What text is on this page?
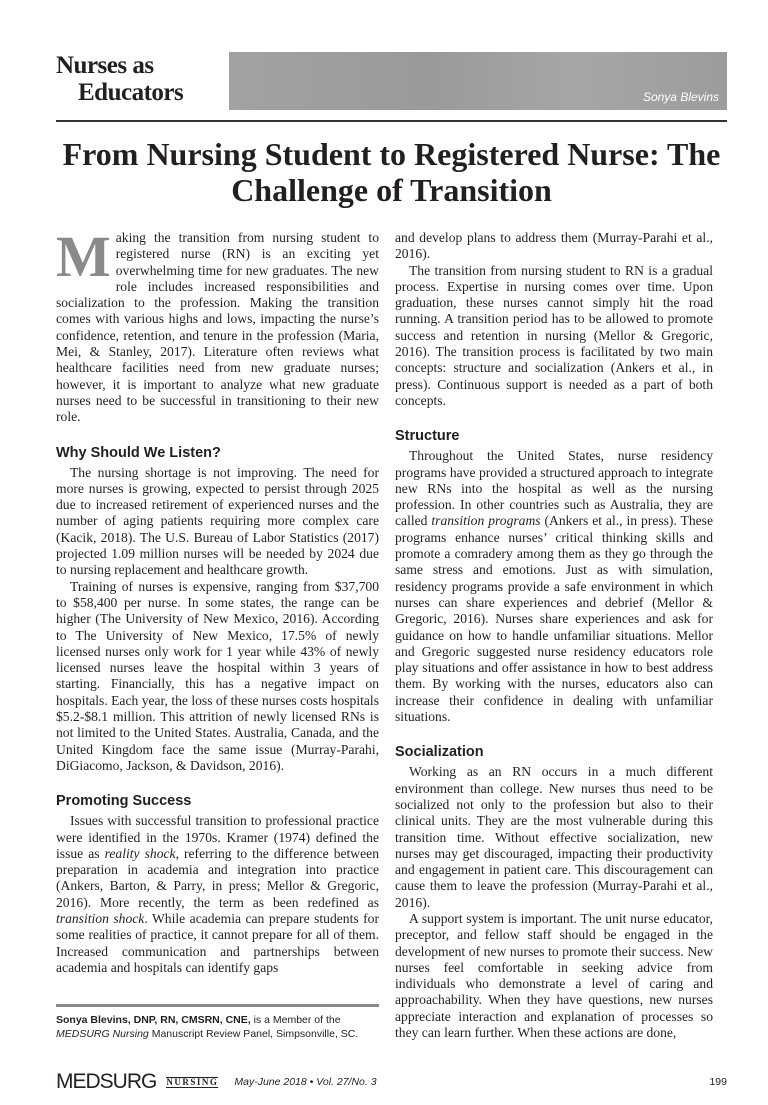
Nurses as
Educators	Sonya Blevins
From Nursing Student to Registered Nurse: The Challenge of Transition

Making the transition from nursing student to registered nurse (RN) is an exciting yet overwhelming time for new graduates. The new role includes increased responsibilities and socialization to the profession. Making the transition comes with various highs and lows, impacting the nurse’s confidence, retention, and tenure in the profession (Maria, Mei, & Stanley, 2017). Literature often reviews what healthcare facilities need from new graduate nurses; however, it is important to analyze what new graduate nurses need to be successful in transitioning to their new role.

Why Should We Listen?

The nursing shortage is not improving. The need for more nurses is growing, expected to persist through 2025 due to increased retirement of experienced nurses and the number of aging patients requiring more complex care (Kacik, 2018). The U.S. Bureau of Labor Statistics (2017) projected 1.09 million nurses will be needed by 2024 due to nursing replacement and healthcare growth.

Training of nurses is expensive, ranging from $37,700 to $58,400 per nurse. In some states, the range can be higher (The University of New Mexico, 2016). According to The University of New Mexico, 17.5% of newly licensed nurses only work for 1 year while 43% of newly licensed nurses leave the hospital within 3 years of starting. Financially, this has a negative impact on hospitals. Each year, the loss of these nurses costs hospitals $5.2-$8.1 million. This attrition of newly licensed RNs is not limited to the United States. Australia, Canada, and the United Kingdom face the same issue (Murray-Parahi, DiGiacomo, Jackson, & Davidson, 2016).

Promoting Success

Issues with successful transition to professional practice were identified in the 1970s. Kramer (1974) defined the issue as reality shock, referring to the difference between preparation in academia and integration into practice (Ankers, Barton, & Parry, in press; Mellor & Gregoric, 2016). More recently, the term as been redefined as transition shock. While academia can prepare students for some realities of practice, it cannot prepare for all of them. Increased communication and partnerships between academia and hospitals can identify gaps

Sonya Blevins, DNP, RN, CMSRN, CNE, is a Member of the MEDSURG Nursing Manuscript Review Panel, Simpsonville, SC.

and develop plans to address them (Murray-Parahi et al., 2016).

The transition from nursing student to RN is a gradual process. Expertise in nursing comes over time. Upon graduation, these nurses cannot simply hit the road running. A transition period has to be allowed to promote success and retention in nursing (Mellor & Gregoric, 2016). The transition process is facilitated by two main concepts: structure and socialization (Ankers et al., in press). Continuous support is needed as a part of both concepts.

Structure

Throughout the United States, nurse residency programs have provided a structured approach to integrate new RNs into the hospital as well as the nursing profession. In other countries such as Australia, they are called transition programs (Ankers et al., in press). These programs enhance nurses’ critical thinking skills and promote a comradery among them as they go through the same stress and emotions. Just as with simulation, residency programs provide a safe environment in which nurses can share experiences and debrief (Mellor & Gregoric, 2016). Nurses share experiences and ask for guidance on how to handle unfamiliar situations. Mellor and Gregoric suggested nurse residency educators role play situations and offer assistance in how to best address them. By working with the nurses, educators also can increase their confidence in dealing with unfamiliar situations.

Socialization

Working as an RN occurs in a much different environment than college. New nurses thus need to be socialized not only to the profession but also to their clinical units. They are the most vulnerable during this transition time. Without effective socialization, new nurses may get discouraged, impacting their productivity and engagement in patient care. This discouragement can cause them to leave the profession (Murray-Parahi et al., 2016).

A support system is important. The unit nurse educator, preceptor, and fellow staff should be engaged in the development of new nurses to promote their success. New nurses feel comfortable in seeking advice from individuals who demonstrate a level of caring and approachability. When they have questions, new nurses appreciate interaction and explanation of processes so they can learn further. When these actions are done,

MEDSURG NURSING May-June 2018 • Vol. 27/No. 3	199
